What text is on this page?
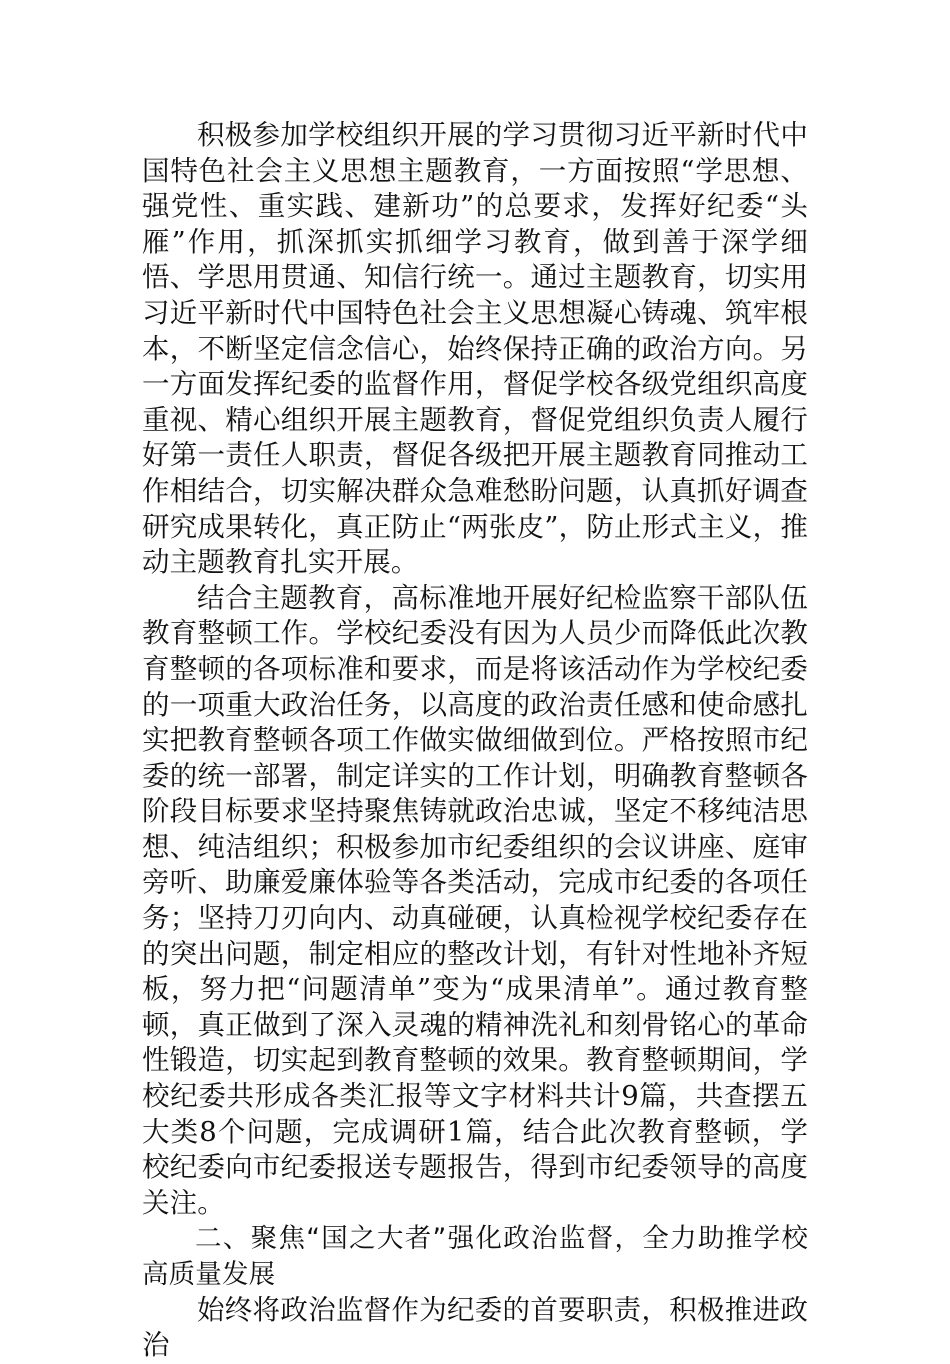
积极参加学校组织开展的学习贯彻习近平新时代中国特色社会主义思想主题教育，一方面按照“学思想、强党性、重实践、建新功”的总要求，发挥好纪委“头雁”作用，抓深抓实抓细学习教育，做到善于深学细悟、学思用贯通、知信行统一。通过主题教育，切实用习近平新时代中国特色社会主义思想凝心铸魂、筑牢根本，不断坚定信念信心，始终保持正确的政治方向。另一方面发挥纪委的监督作用，督促学校各级党组织高度重视、精心组织开展主题教育，督促党组织负责人履行好第一责任人职责，督促各级把开展主题教育同推动工作相结合，切实解决群众急难愁盼问题，认真抓好调查研究成果转化，真正防止“两张皮”，防止形式主义，推动主题教育扎实开展。

结合主题教育，高标准地开展好纪检监察干部队伍教育整顿工作。学校纪委没有因为人员少而降低此次教育整顿的各项标准和要求，而是将该活动作为学校纪委的一项重大政治任务，以高度的政治责任感和使命感扎实把教育整顿各项工作做实做细做到位。严格按照市纪委的统一部署，制定详实的工作计划，明确教育整顿各阶段目标要求坚持聚焦铸就政治忠诚，坚定不移纯洁思想、纯洁组织；积极参加市纪委组织的会议讲座、庭审旁听、助廉爱廉体验等各类活动，完成市纪委的各项任务；坚持刀刃向内、动真碰硬，认真检视学校纪委存在的突出问题，制定相应的整改计划，有针对性地补齐短板，努力把“问题清单”变为“成果清单”。通过教育整顿，真正做到了深入灵魂的精神洗礼和刻骨铭心的革命性锻造，切实起到教育整顿的效果。教育整顿期间，学校纪委共形成各类汇报等文字材料共计9篇，共查摆五大类8个问题，完成调研1篇，结合此次教育整顿，学校纪委向市纪委报送专题报告，得到市纪委领导的高度关注。

二、聚焦“国之大者”强化政治监督，全力助推学校高质量发展

始终将政治监督作为纪委的首要职责，积极推进政治
